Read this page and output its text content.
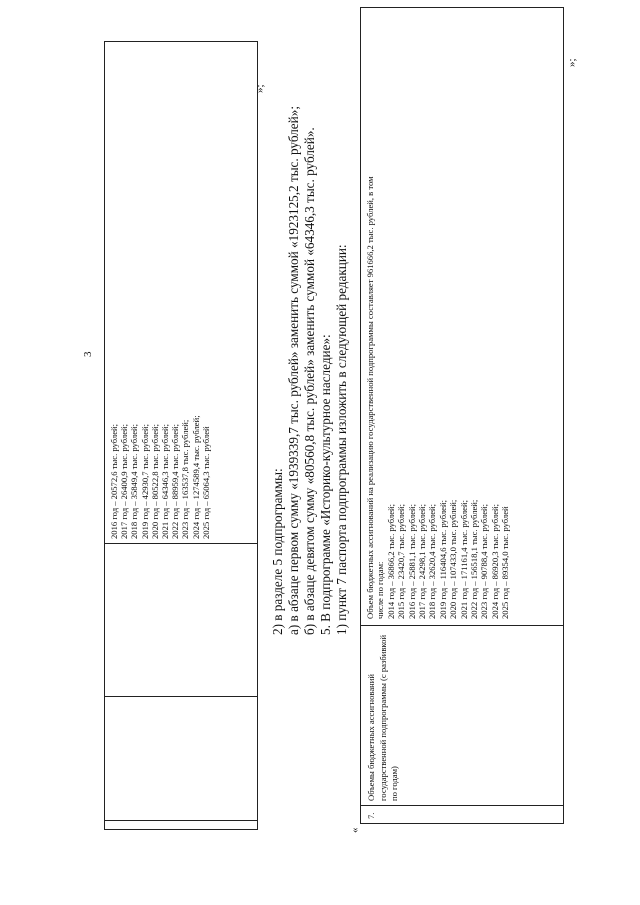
3
2016 год – 20572,6 тыс. рублей; 2017 год – 26400,9 тыс. рублей; 2018 год – 35849,4 тыс. рублей; 2019 год – 42930,7 тыс. рублей; 2020 год – 80522,8 тыс. рублей; 2021 год – 64346,3 тыс. рублей; 2022 год – 88959,4 тыс. рублей; 2023 год – 163537,8 тыс. рублей; 2024 год – 1274589,4 тыс. рублей; 2025 год – 65064,3 тыс. рублей
»;
2) в разделе 5 подпрограммы: а) в абзаце первом сумму «1939339,7 тыс. рублей» заменить суммой «1923125,2 тыс. рублей»; б) в абзаце девятом сумму «80560,8 тыс. рублей» заменить суммой «64346,3 тыс. рублей». 5. В подпрограмме «Историко-культурное наследие»: 1) пункт 7 паспорта подпрограммы изложить в следующей редакции:
«
7.
Объемы бюджетных ассигнований государственной подпрограммы (с разбивкой по годам)
Объем бюджетных ассигнований на реализацию государственной подпрограммы составляет 961666,2 тыс. рублей, в том числе по годам: 2014 год – 36866,2 тыс. рублей; 2015 год – 23420,7 тыс. рублей; 2016 год – 25881,1 тыс. рублей; 2017 год – 24298,1 тыс. рублей; 2018 год – 32620,4 тыс. рублей; 2019 год – 116404,6 тыс. рублей; 2020 год – 107433,0 тыс. рублей; 2021 год – 171161,4 тыс. рублей; 2022 год – 156518,1 тыс. рублей; 2023 год – 90788,4 тыс. рублей; 2024 год – 86920,3 тыс. рублей; 2025 год – 89354,0 тыс. рублей
»;
